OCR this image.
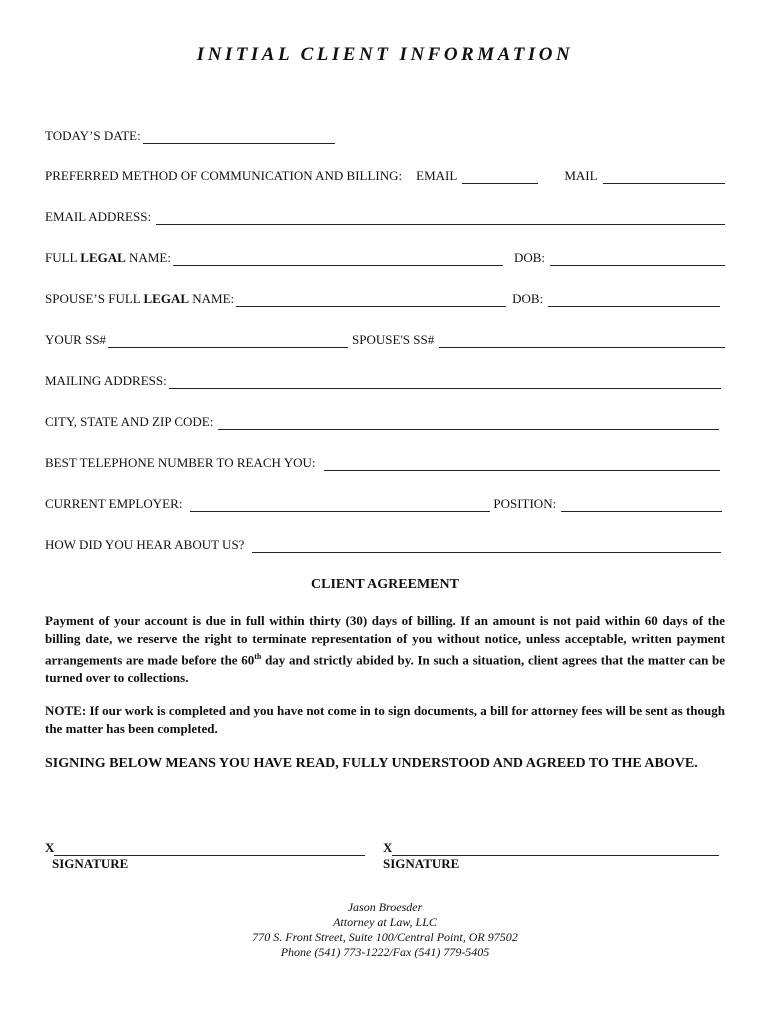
INITIAL CLIENT INFORMATION
TODAY’S DATE:
PREFERRED METHOD OF COMMUNICATION AND BILLING: EMAIL	MAIL
EMAIL ADDRESS:
FULL LEGAL NAME:	DOB:
SPOUSE’S FULL LEGAL NAME:	DOB:
YOUR SS#	SPOUSE'S SS#
MAILING ADDRESS:
CITY, STATE AND ZIP CODE:
BEST TELEPHONE NUMBER TO REACH YOU:
CURRENT EMPLOYER:	POSITION:
HOW DID YOU HEAR ABOUT US?
CLIENT AGREEMENT
Payment of your account is due in full within thirty (30) days of billing. If an amount is not paid within 60 days of the billing date, we reserve the right to terminate representation of you without notice, unless acceptable, written payment arrangements are made before the 60th day and strictly abided by. In such a situation, client agrees that the matter can be turned over to collections.
NOTE: If our work is completed and you have not come in to sign documents, a bill for attorney fees will be sent as though the matter has been completed.
SIGNING BELOW MEANS YOU HAVE READ, FULLY UNDERSTOOD AND AGREED TO THE ABOVE.
X
SIGNATURE
X
SIGNATURE
Jason Broesder
Attorney at Law, LLC
770 S. Front Street, Suite 100/Central Point, OR 97502
Phone (541) 773-1222/Fax (541) 779-5405
